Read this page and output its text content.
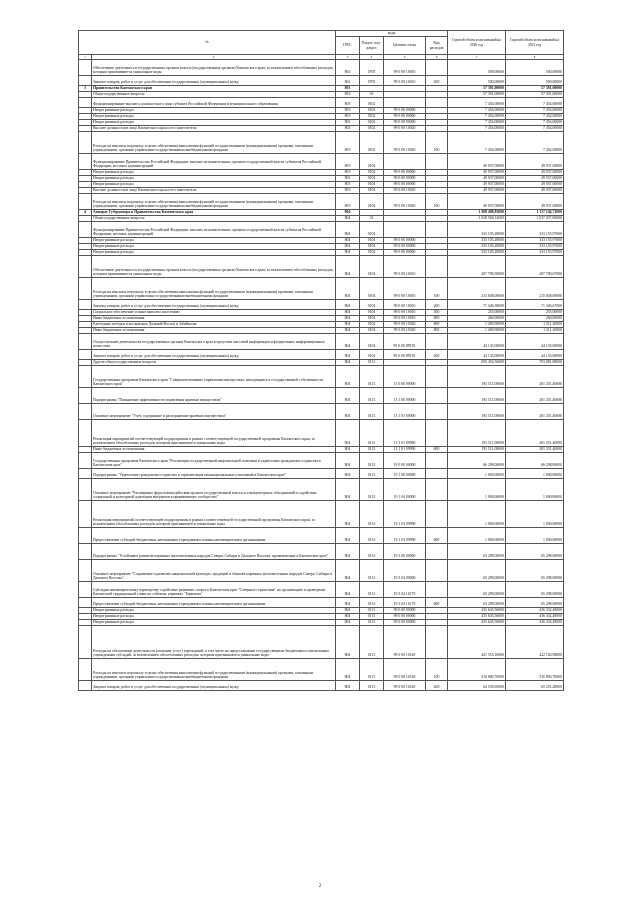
№		коды				Годовой объем ассигнований на 2020 год	Годовой объем ассигнований на 2021 год
		ГРБС	Раздел, под- раздел	Целевая статья	Вид расходов		
1	2	3	4	5	6	7	8
	Обеспечение деятельности государственных органов власти (государственных органов) Камчатского края, за исключением обособленных расходов, которым присваиваются уникальные коды	802	0705	99 0 00 10010		500,00000	500,00000
	Закупка товаров, работ и услуг для обеспечения государственных (муниципальных) нужд	802	0705	99 0 00 10010	200	500,00000	500,00000
3	Правительство Камчатского края	803				57 391,00000	57 391,00000
	Общегосударственные вопросы	803	01			57 391,00000	57 391,00000
	Функционирование высшего должностного лица субъекта Российской Федерации и муниципального образования	803	0102			7 454,00000	7 454,00000
	Непрограммные расходы	803	0102	99 0 00 00000		7 454,00000	7 454,00000
	Непрограммные расходы	803	0102	99 0 00 00000		7 454,00000	7 454,00000
	Непрограммные расходы	803	0102	99 0 00 00000		7 454,00000	7 454,00000
	Высшее должностное лицо Камчатского края и его заместители	803	0102	99 0 00 10020		7 454,00000	7 454,00000
	Расходы на выплаты персоналу в целях обеспечения выполнения функций государственными (муниципальными) органами, казенными учреждениями, органами управления государственными внебюджетными фондами	803	0102	99 0 00 10020	100	7 454,00000	7 454,00000
	Функционирование Правительства Российской Федерации, высших исполнительных органов государственной власти субъектов Российской Федерации, местных администраций	803	0104			49 937,00000	49 937,00000
	Непрограммные расходы	803	0104	99 0 00 00000		49 937,00000	49 937,00000
	Непрограммные расходы	803	0104	99 0 00 00000		49 937,00000	49 937,00000
	Непрограммные расходы	803	0104	99 0 00 00000		49 937,00000	49 937,00000
	Высшее должностное лицо Камчатского края и его заместители	803	0104	99 0 00 10020		49 937,00000	49 937,00000
	Расходы на выплаты персоналу в целях обеспечения выполнения функций государственными (муниципальными) органами, казенными учреждениями, органами управления государственными внебюджетными фондами	803	0104	99 0 00 10020	100	49 937,00000	49 937,00000
4	Аппарат Губернатора и Правительства Камчатского края	804				1 308 488,83000	1 117 146,71000
	Общегосударственные вопросы	804	01			1 028 568,14000	1 037 037,85000
	Функционирование Правительства Российской Федерации, высших исполнительных органов государственной власти субъектов Российской Федерации, местных администраций	804	0104			333 105,28000	333 155,97000
	Непрограммные расходы	804	0104	99 0 00 00000		333 105,28000	333 155,97000
	Непрограммные расходы	804	0104	99 0 00 00000		333 105,28000	333 155,97000
	Непрограммные расходы	804	0104	99 0 00 00000		333 105,28000	333 155,97000
	Обеспечение деятельности государственных органов власти (государственных органов) Камчатского края, за исключением обособленных расходов, которым присваиваются уникальные коды	804	0104	99 0 00 10010		287 709,38000	287 709,67000
	Расходы на выплаты персоналу в целях обеспечения выполнения функций государственными (муниципальными) органами, казенными учреждениями, органами управления государственными внебюджетными фондами	804	0104	99 0 00 10010	100	215 848,00000	215 848,00000
	Закупка товаров, работ и услуг для обеспечения государственных (муниципальных) нужд	804	0104	99 0 00 10010	200	71 346,38000	71 346,67000
	Социальное обеспечение и иные выплаты населению	804	0104	99 0 00 10010	300	255,00000	255,00000
	Иные бюджетные ассигнования	804	0104	99 0 00 10010	800	260,00000	260,00000
	Ежегодные поездки в московском Дальний Восток и Забайкалье	804	0104	99 0 00 10320	800	1 269,90000	1 311,30000
	Иные бюджетные ассигнования	804	0104	99 0 00 10320	800	1 269,90000	1 311,30000
	Осуществление деятельности государственных органов Камчатского края в средствах массовой информации и федеральных информационных агентствах	804	0104	99 0 00 98Т01		44 135,00000	44 135,00000
	Закупка товаров, работ и услуг для обеспечения государственных (муниципальных) нужд	804	0104	99 0 00 98Т01	200	44 135,00000	44 135,00000
	Другие общегосударственные вопросы	804	0113			695 454,56000	703 881,88000
	Государственная программа Камчатского края "Совершенствование управления имуществом, находящимся в государственной собственности Камчатского края"	804	0113	13 0 00 00000		193 511,00000	201 251,40000
	Подпрограмма "Повышение эффективности управления краевым имуществом"	804	0113	13 1 00 00000		193 511,00000	201 251,40000
	Основное мероприятие "Учет, содержание и распоряжение краевым имуществом"	804	0113	13 1 01 00000		193 511,00000	201 251,40000
	Реализация мероприятий соответствующей подпрограммы в рамках соответствующей государственной программы Камчатского края, за исключением обособленных расходов, которым присваиваются уникальные коды	804	0113	13 1 01 09990		193 511,00000	201 251,40000
	Иные бюджетные ассигнования	804	0113	13 1 01 09990	800	193 511,00000	201 251,40000
	Государственная программа Камчатского края "Реализация государственной национальной политики и укрепление гражданского единства в Камчатском крае"	804	0113	19 0 00 00000		66 298,00000	66 298,00000
	Подпрограмма "Укрепление гражданского единства и гармонизация межнациональных отношений в Камчатском крае"	804	0113	19 1 00 00000		1 000,00000	1 000,00000
	Основное мероприятие "Расширение форм взаимодействия органов государственной власти и этнокультурных объединений и содействие социальной и культурной адаптации мигрантов в принимающее сообщество"	804	0113	19 1 04 00000		1 000,00000	1 000,00000
	Реализация мероприятий соответствующей подпрограммы в рамках соответствующей государственной программы Камчатского края, за исключением обособленных расходов, которым присваиваются уникальные коды	804	0113	19 1 04 09990		1 000,00000	1 000,00000
	Предоставление субсидий бюджетным, автономным учреждениям и иным некоммерческим организациям	804	0113	19 1 04 09990	600	1 000,00000	1 000,00000
	Подпрограмма "Устойчивое развитие коренных малочисленных народов Севера, Сибири и Дальнего Востока, проживающих в Камчатском крае"	804	0113	19 3 00 00000		65 298,00000	65 298,00000
	Основное мероприятие "Сохранение и развитие национальной культуры, традиций и обычаев коренных малочисленных народов Севера, Сибири и Дальнего Востока"	804	0113	19 3 04 00000		65 298,00000	65 298,00000
	Субсидия некоммерческому партнерству содействие развитию спорта в Камчатском крае "Северные странствия" на организацию и проведение Камчатской традиционной гонки на собачьих упряжках "Берингия"	804	0113	19 3 04 10170		65 298,00000	65 298,00000
	Предоставление субсидий бюджетным, автономным учреждениям и иным некоммерческим организациям	804	0113	19 3 04 10170	600	65 298,00000	65 298,00000
	Непрограммные расходы	804	0113	99 0 00 00000		435 645,56000	436 332,48000
	Непрограммные расходы	804	0113	99 0 00 00000		435 645,56000	436 332,48000
	Непрограммные расходы	804	0113	99 0 00 00000		435 645,56000	436 332,48000
	Расходы на обеспечение деятельности (оказание услуг) учреждений, в том числе на предоставление государственным бюджетным и автономным учреждениям субсидий, за исключением обособленных расходов, которым присваиваются уникальные коды	804	0113	99 0 00 10140		421 553,16000	422 182,98000
	Расходы на выплаты персоналу в целях обеспечения выполнения функций государственными (муниципальными) органами, казенными учреждениями, органами управления государственными внебюджетными фондами	804	0113	99 0 00 10140	100	316 800,70000	316 800,70000
	Закупка товаров, работ и услуг для обеспечения государственных (муниципальных) нужд	804	0113	99 0 00 10140	200	64 539,05000	65 251,28000
2
